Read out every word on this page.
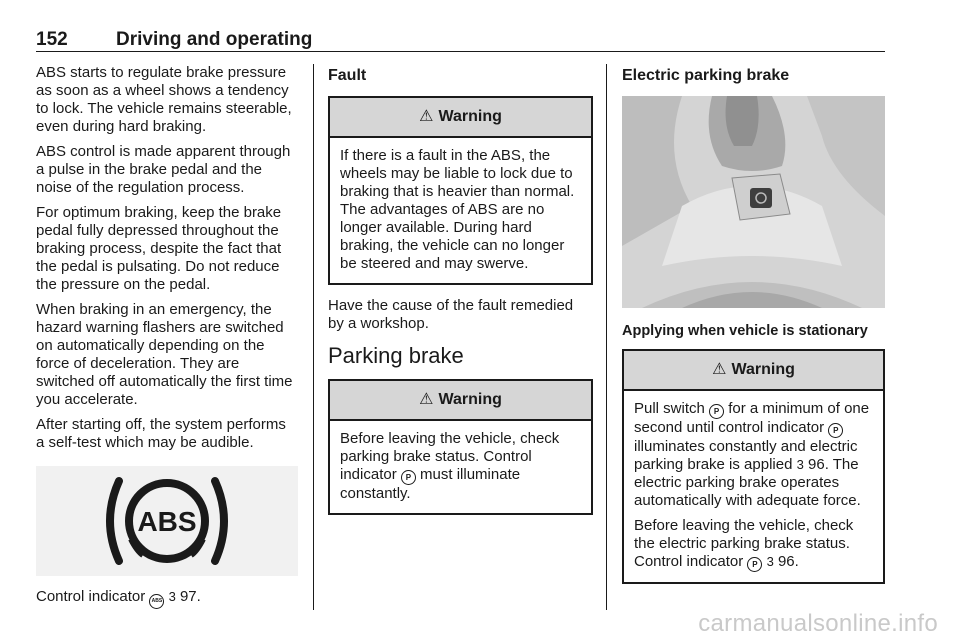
152	Driving and operating

ABS starts to regulate brake pressure as soon as a wheel shows a tendency to lock. The vehicle remains steerable, even during hard braking.

ABS control is made apparent through a pulse in the brake pedal and the noise of the regulation process.

For optimum braking, keep the brake pedal fully depressed throughout the braking process, despite the fact that the pedal is pulsating. Do not reduce the pressure on the pedal.

When braking in an emergency, the hazard warning flashers are switched on automatically depending on the force of deceleration. They are switched off automatically the first time you accelerate.

After starting off, the system performs a self-test which may be audible.

ABS

Control indicator ABS 3 97.

Fault
⚠ Warning
If there is a fault in the ABS, the wheels may be liable to lock due to braking that is heavier than normal. The advantages of ABS are no longer available. During hard braking, the vehicle can no longer be steered and may swerve.

Have the cause of the fault remedied by a workshop.

Parking brake
⚠ Warning
Before leaving the vehicle, check parking brake status. Control indicator P must illuminate constantly.
Electric parking brake
Applying when vehicle is stationary
⚠ Warning

Pull switch P for a minimum of one second until control indicator P illuminates constantly and electric parking brake is applied 3 96. The electric parking brake operates automatically with adequate force.

Before leaving the vehicle, check the electric parking brake status. Control indicator P 3 96.

carmanualsonline.info
